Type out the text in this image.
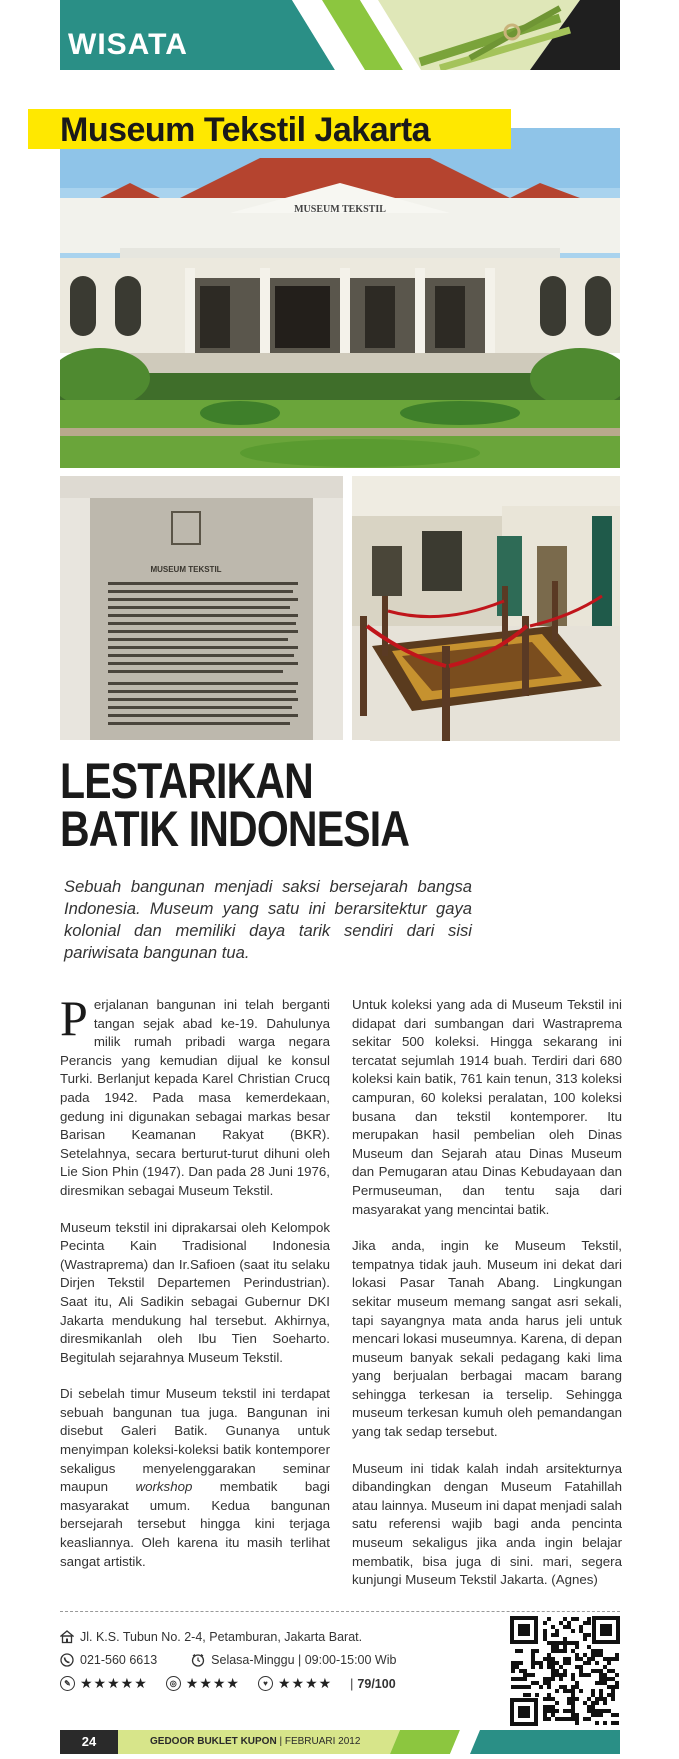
WISATA
MUSEUM TEKSTIL
Museum Tekstil Jakarta
MUSEUM TEKSTIL
LESTARIKAN
BATIK INDONESIA
Sebuah bangunan menjadi saksi bersejarah bangsa Indonesia. Museum yang satu ini berarsitektur gaya kolonial dan memiliki daya tarik sendiri dari sisi pariwisata bangunan tua.

Perjalanan bangunan ini telah berganti tangan sejak abad ke-19. Dahulunya milik rumah pribadi warga negara Perancis yang kemudian dijual ke konsul Turki. Berlanjut kepada Karel Christian Crucq pada 1942. Pada masa kemerdekaan, gedung ini digunakan sebagai markas besar Barisan Keamanan Rakyat (BKR). Setelahnya, secara berturut-turut dihuni oleh Lie Sion Phin (1947). Dan pada 28 Juni 1976, diresmikan sebagai Museum Tekstil.

Museum tekstil ini diprakarsai oleh Kelompok Pecinta Kain Tradisional Indonesia (Wastraprema) dan Ir.Safioen (saat itu selaku Dirjen Tekstil Departemen Perindustrian). Saat itu, Ali Sadikin sebagai Gubernur DKI Jakarta mendukung hal tersebut. Akhirnya, diresmikanlah oleh Ibu Tien Soeharto. Begitulah sejarahnya Museum Tekstil.

Di sebelah timur Museum tekstil ini terdapat sebuah bangunan tua juga. Bangunan ini disebut Galeri Batik. Gunanya untuk menyimpan koleksi-koleksi batik kontemporer sekaligus menyelenggarakan seminar maupun workshop membatik bagi masyarakat umum. Kedua bangunan bersejarah tersebut hingga kini terjaga keasliannya. Oleh karena itu masih terlihat sangat artistik.

Untuk koleksi yang ada di Museum Tekstil ini didapat dari sumbangan dari Wastraprema sekitar 500 koleksi. Hingga sekarang ini tercatat sejumlah 1914 buah. Terdiri dari 680 koleksi kain batik, 761 kain tenun, 313 koleksi campuran, 60 koleksi peralatan, 100 koleksi busana dan tekstil kontemporer. Itu merupakan hasil pembelian oleh Dinas Museum dan Sejarah atau Dinas Museum dan Pemugaran atau Dinas Kebudayaan dan Permuseuman, dan tentu saja dari masyarakat yang mencintai batik.

Jika anda, ingin ke Museum Tekstil, tempatnya tidak jauh. Museum ini dekat dari lokasi Pasar Tanah Abang. Lingkungan sekitar museum memang sangat asri sekali, tapi sayangnya mata anda harus jeli untuk mencari lokasi museumnya. Karena, di depan museum banyak sekali pedagang kaki lima yang berjualan berbagai macam barang sehingga terkesan ia terselip. Sehingga museum terkesan kumuh oleh pemandangan yang tak sedap tersebut.

Museum ini tidak kalah indah arsitekturnya dibandingkan dengan Museum Fatahillah atau lainnya. Museum ini dapat menjadi salah satu referensi wajib bagi anda pencinta museum sekaligus jika anda ingin belajar membatik, bisa juga di sini. mari, segera kunjungi Museum Tekstil Jakarta. (Agnes)

Jl. K.S. Tubun No. 2-4, Petamburan, Jakarta Barat.
021-560 6613	Selasa-Minggu | 09:00-15:00 Wib
✎ ★★★★★	◎ ★★★★	♥ ★★★★ | 79/100
24	GEDOOR BUKLET KUPON | FEBRUARI 2012
